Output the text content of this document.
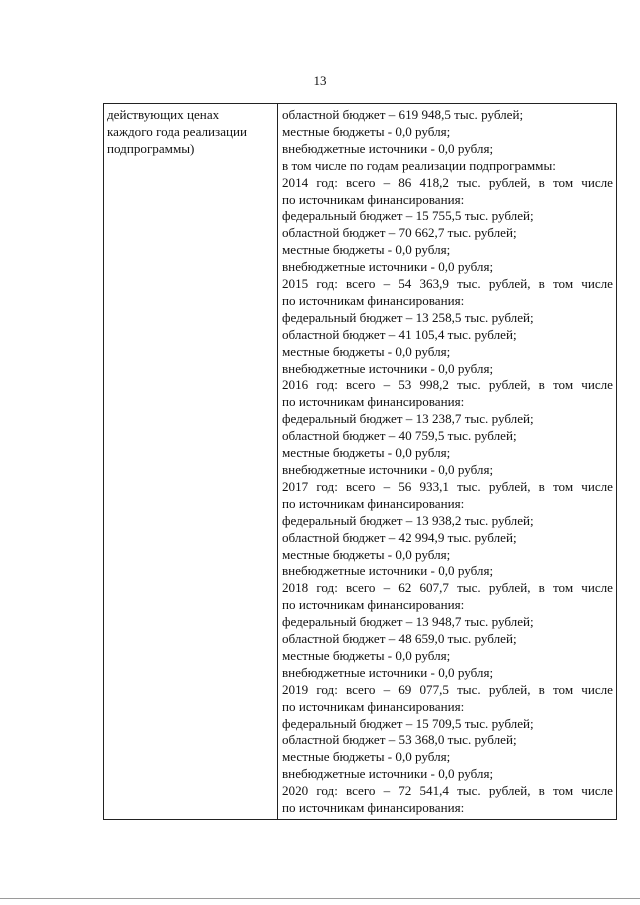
13
действующих ценах
каждого года реализации
подпрограммы)
областной бюджет – 619 948,5 тыс. рублей;
местные бюджеты - 0,0 рубля;
внебюджетные источники - 0,0 рубля;
в том числе по годам реализации подпрограммы:
2014 год: всего – 86 418,2 тыс. рублей, в том числе
по источникам финансирования:
федеральный бюджет – 15 755,5 тыс. рублей;
областной бюджет – 70 662,7 тыс. рублей;
местные бюджеты - 0,0 рубля;
внебюджетные источники - 0,0 рубля;
2015 год: всего – 54 363,9 тыс. рублей, в том числе
по источникам финансирования:
федеральный бюджет – 13 258,5 тыс. рублей;
областной бюджет – 41 105,4 тыс. рублей;
местные бюджеты - 0,0 рубля;
внебюджетные источники - 0,0 рубля;
2016 год: всего – 53 998,2 тыс. рублей, в том числе
по источникам финансирования:
федеральный бюджет – 13 238,7 тыс. рублей;
областной бюджет – 40 759,5 тыс. рублей;
местные бюджеты - 0,0 рубля;
внебюджетные источники - 0,0 рубля;
2017 год: всего – 56 933,1 тыс. рублей, в том числе
по источникам финансирования:
федеральный бюджет – 13 938,2 тыс. рублей;
областной бюджет – 42 994,9 тыс. рублей;
местные бюджеты - 0,0 рубля;
внебюджетные источники - 0,0 рубля;
2018 год: всего – 62 607,7 тыс. рублей, в том числе
по источникам финансирования:
федеральный бюджет – 13 948,7 тыс. рублей;
областной бюджет – 48 659,0 тыс. рублей;
местные бюджеты - 0,0 рубля;
внебюджетные источники - 0,0 рубля;
2019 год: всего – 69 077,5 тыс. рублей, в том числе
по источникам финансирования:
федеральный бюджет – 15 709,5 тыс. рублей;
областной бюджет – 53 368,0 тыс. рублей;
местные бюджеты - 0,0 рубля;
внебюджетные источники - 0,0 рубля;
2020 год: всего – 72 541,4 тыс. рублей, в том числе
по источникам финансирования:
